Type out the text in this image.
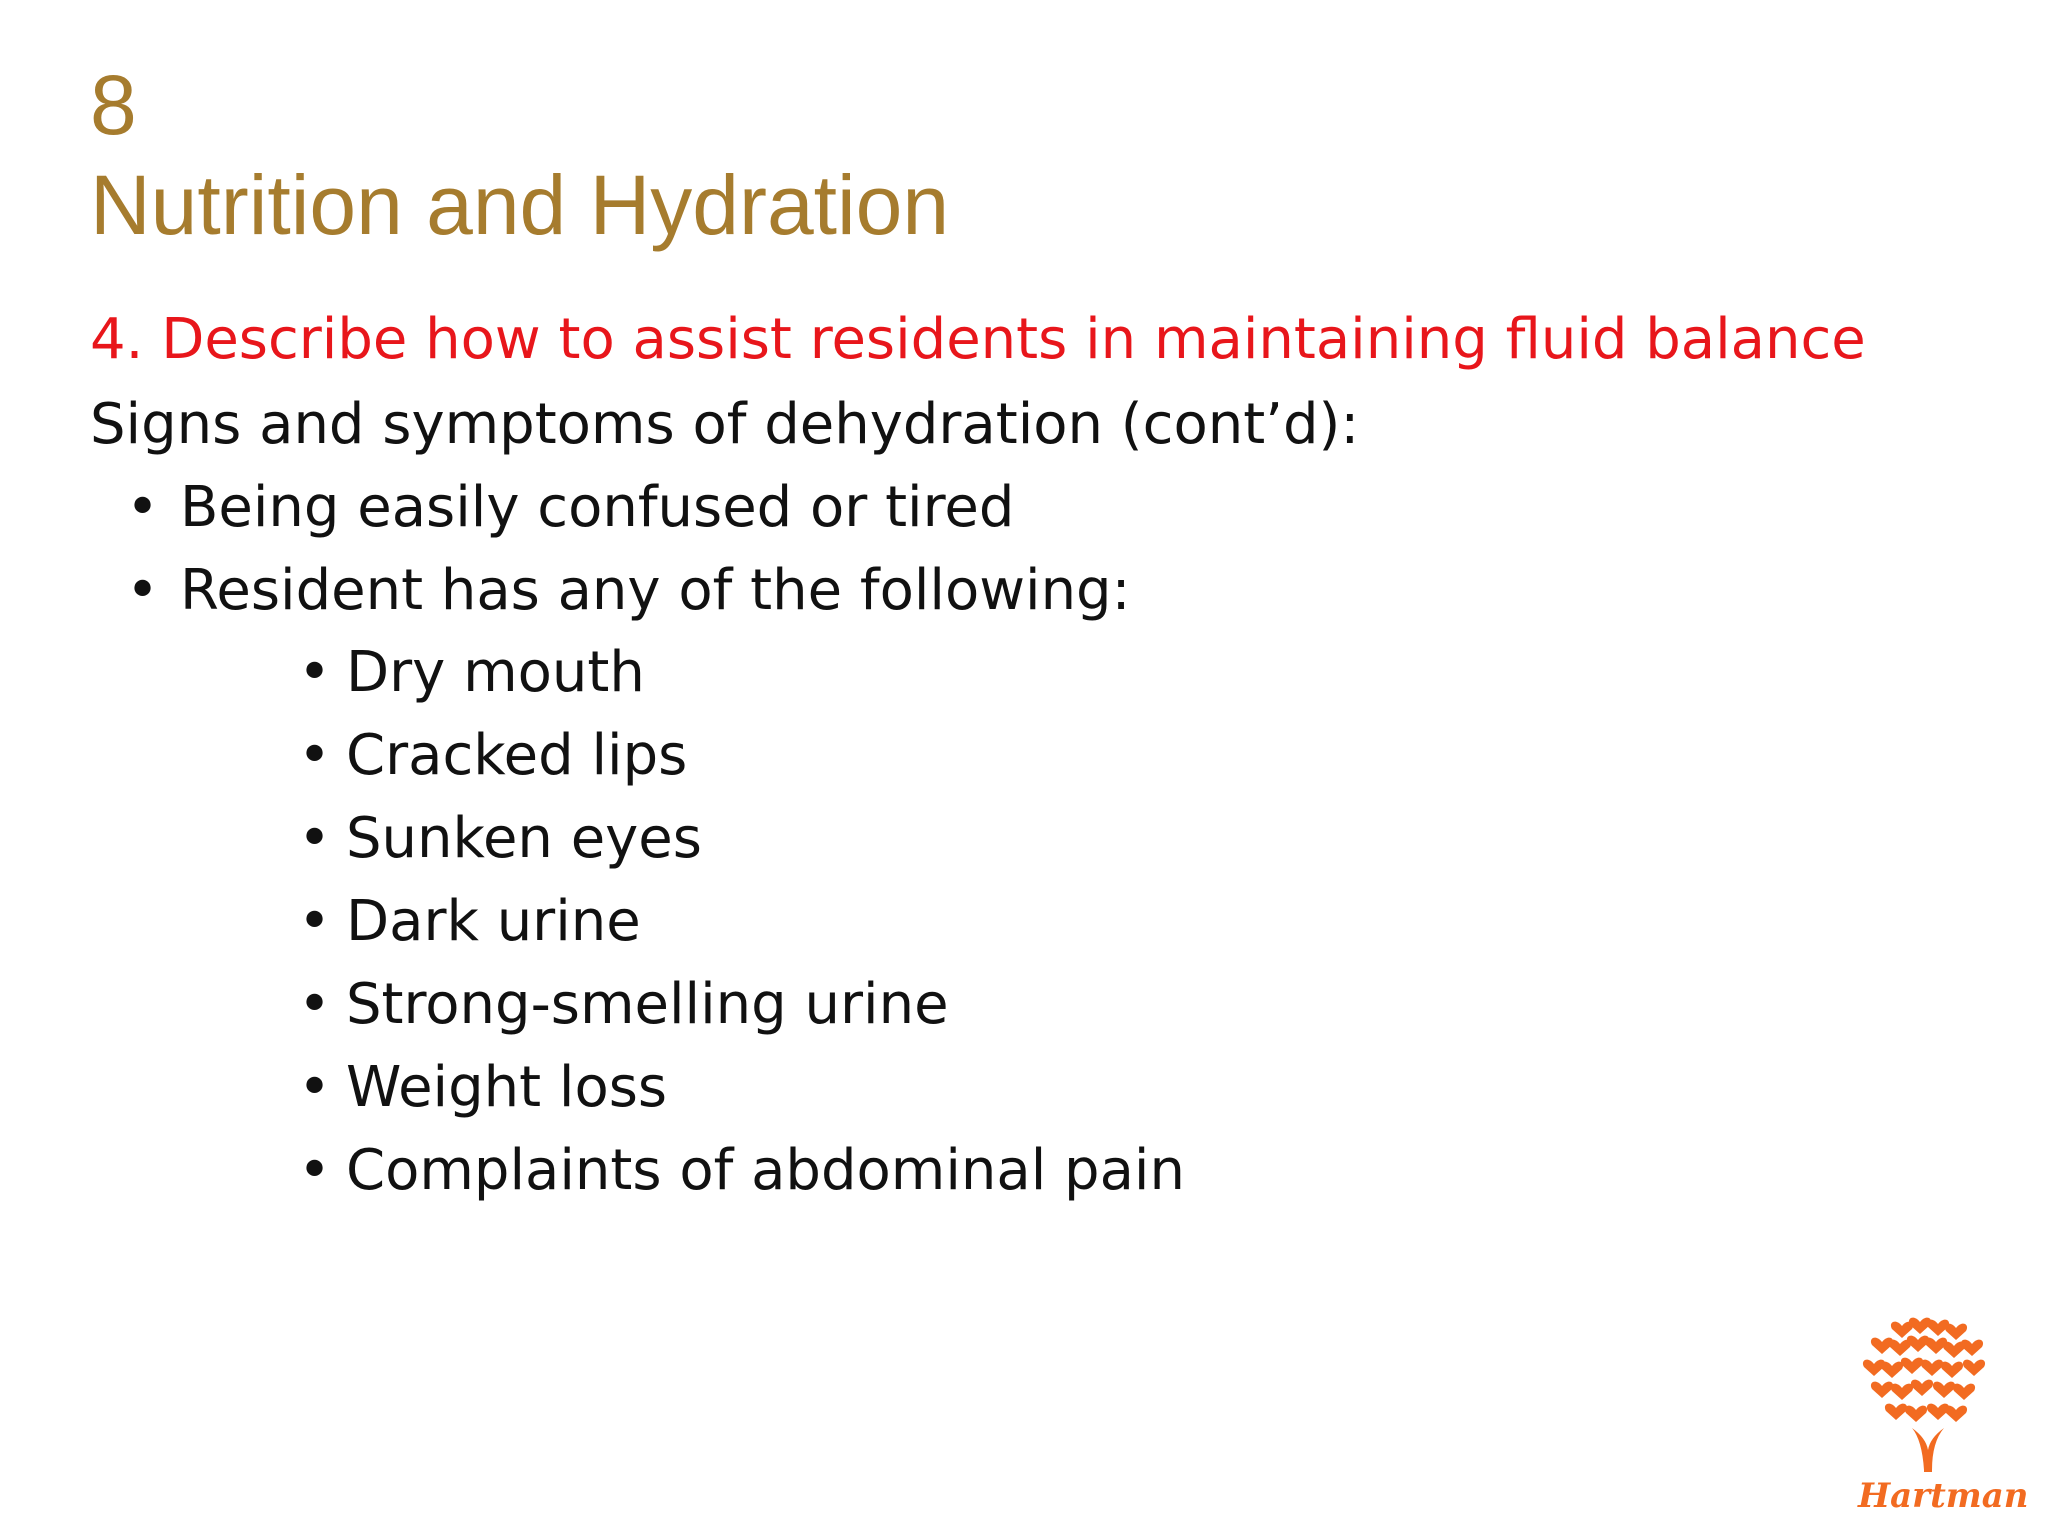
8
Nutrition and Hydration
4. Describe how to assist residents in maintaining fluid balance
Signs and symptoms of dehydration (cont’d):
• Being easily confused or tired
• Resident has any of the following:
• Dry mouth
• Cracked lips
• Sunken eyes
• Dark urine
• Strong-smelling urine
• Weight loss
• Complaints of abdominal pain
Hartman
